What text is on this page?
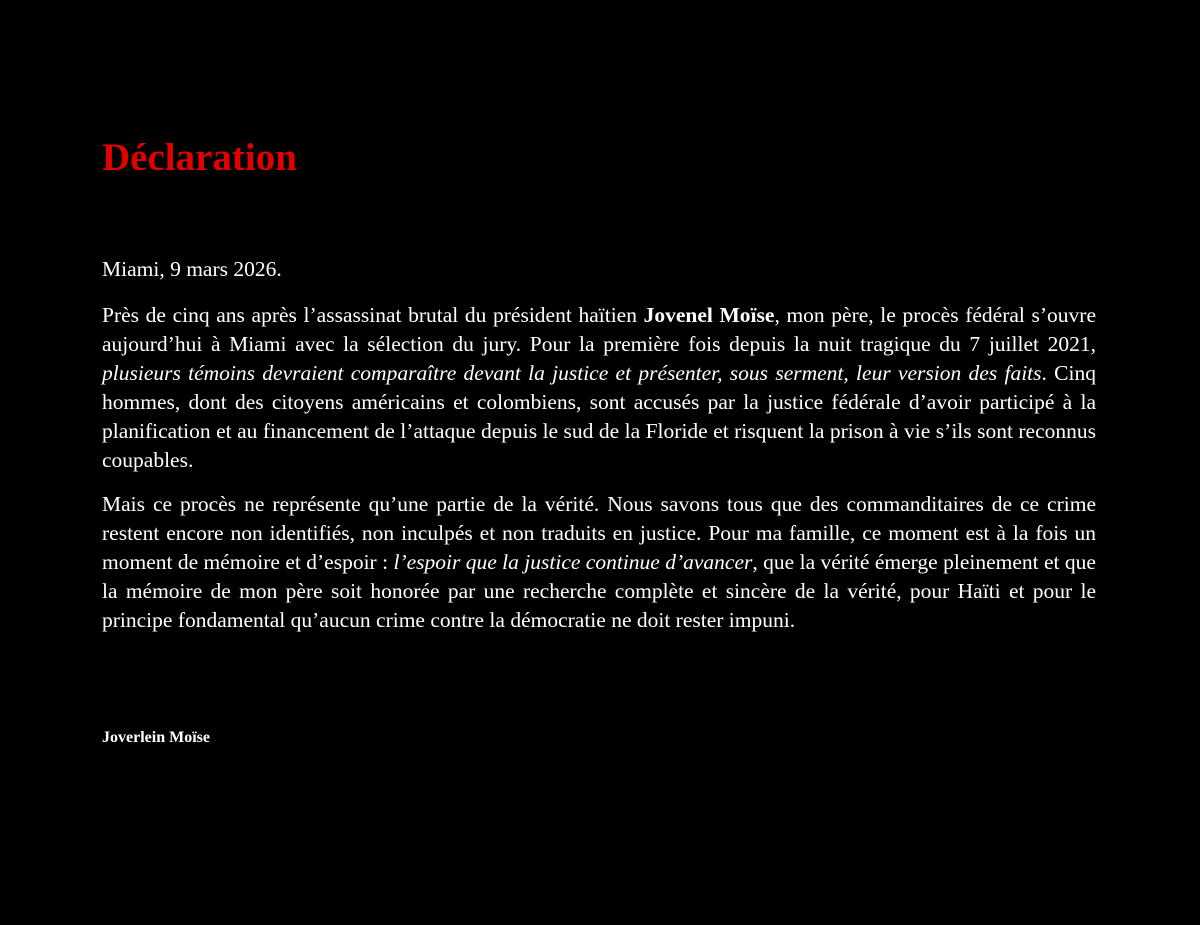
Déclaration

Miami, 9 mars 2026.

Près de cinq ans après l’assassinat brutal du président haïtien Jovenel Moïse, mon père, le procès fédéral s’ouvre aujourd’hui à Miami avec la sélection du jury. Pour la première fois depuis la nuit tragique du 7 juillet 2021, plusieurs témoins devraient comparaître devant la justice et présenter, sous serment, leur version des faits. Cinq hommes, dont des citoyens américains et colombiens, sont accusés par la justice fédérale d’avoir participé à la planification et au financement de l’attaque depuis le sud de la Floride et risquent la prison à vie s’ils sont reconnus coupables.

Mais ce procès ne représente qu’une partie de la vérité. Nous savons tous que des commanditaires de ce crime restent encore non identifiés, non inculpés et non traduits en justice. Pour ma famille, ce moment est à la fois un moment de mémoire et d’espoir : l’espoir que la justice continue d’avancer, que la vérité émerge pleinement et que la mémoire de mon père soit honorée par une recherche complète et sincère de la vérité, pour Haïti et pour le principe fondamental qu’aucun crime contre la démocratie ne doit rester impuni.

Joverlein Moïse
